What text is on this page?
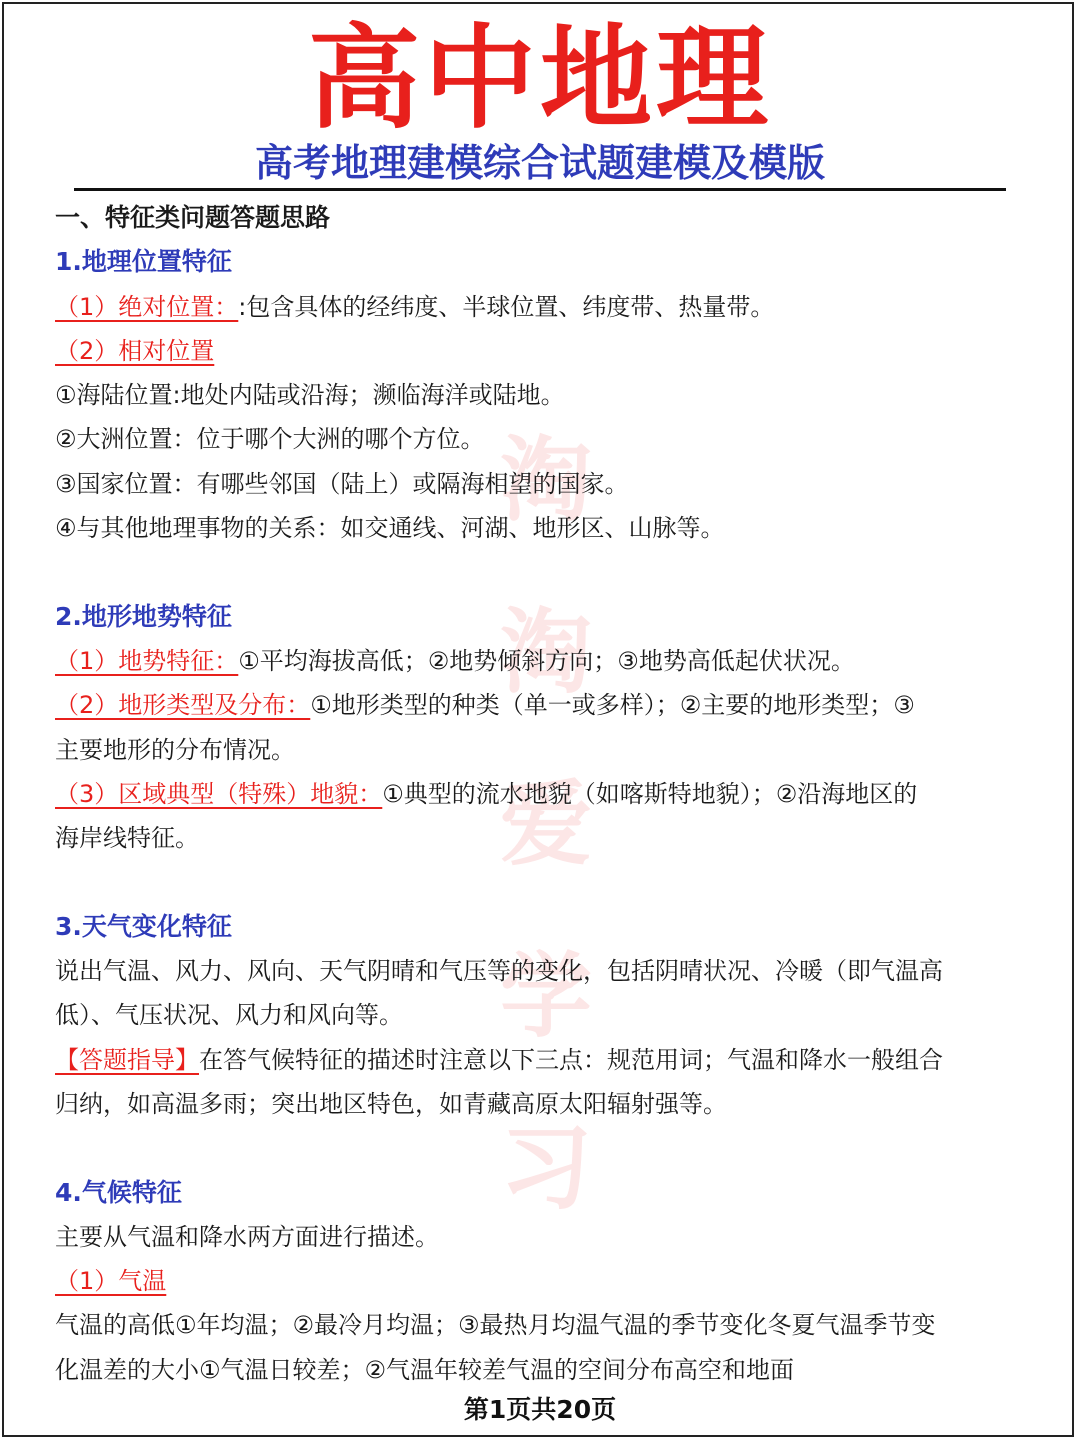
高中地理
高考地理建模综合试题建模及模版
淘
淘
爱
学
习
一、特征类问题答题思路
1.地理位置特征
（1）绝对位置：:包含具体的经纬度、半球位置、纬度带、热量带。
（2）相对位置
①海陆位置:地处内陆或沿海；濒临海洋或陆地。
②大洲位置：位于哪个大洲的哪个方位。
③国家位置：有哪些邻国（陆上）或隔海相望的国家。
④与其他地理事物的关系：如交通线、河湖、地形区、山脉等。
2.地形地势特征
（1）地势特征：①平均海拔高低；②地势倾斜方向；③地势高低起伏状况。
（2）地形类型及分布：①地形类型的种类（单一或多样）；②主要的地形类型；③
主要地形的分布情况。
（3）区域典型（特殊）地貌：①典型的流水地貌（如喀斯特地貌）；②沿海地区的
海岸线特征。
3.天气变化特征
说出气温、风力、风向、天气阴晴和气压等的变化，包括阴晴状况、冷暖（即气温高
低）、气压状况、风力和风向等。
【答题指导】在答气候特征的描述时注意以下三点：规范用词；气温和降水一般组合
归纳，如高温多雨；突出地区特色，如青藏高原太阳辐射强等。
4.气候特征
主要从气温和降水两方面进行描述。
（1）气温
气温的高低①年均温；②最冷月均温；③最热月均温气温的季节变化冬夏气温季节变
化温差的大小①气温日较差；②气温年较差气温的空间分布高空和地面
第1页共20页
